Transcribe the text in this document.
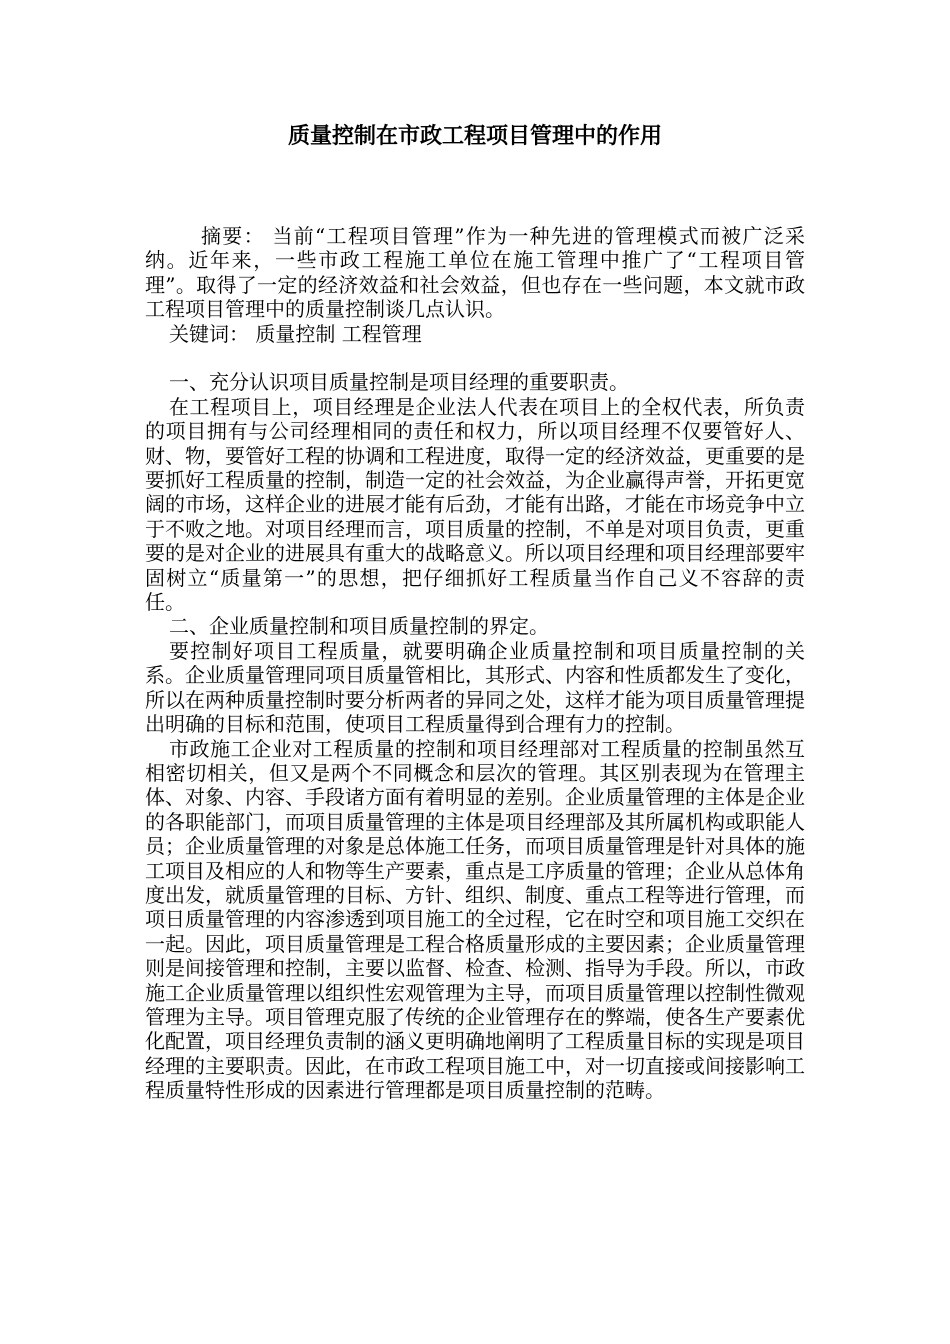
质量控制在市政工程项目管理中的作用

摘要： 当前“工程项目管理”作为一种先进的管理模式而被广泛采纳。近年来，一些市政工程施工单位在施工管理中推广了“工程项目管理”。取得了一定的经济效益和社会效益，但也存在一些问题，本文就市政工程项目管理中的质量控制谈几点认识。

关键词： 质量控制 工程管理

一、充分认识项目质量控制是项目经理的重要职责。

在工程项目上，项目经理是企业法人代表在项目上的全权代表，所负责的项目拥有与公司经理相同的责任和权力，所以项目经理不仅要管好人、财、物，要管好工程的协调和工程进度，取得一定的经济效益，更重要的是要抓好工程质量的控制，制造一定的社会效益，为企业赢得声誉，开拓更宽阔的市场，这样企业的进展才能有后劲，才能有出路，才能在市场竞争中立于不败之地。对项目经理而言，项目质量的控制，不单是对项目负责，更重要的是对企业的进展具有重大的战略意义。所以项目经理和项目经理部要牢固树立“质量第一”的思想，把仔细抓好工程质量当作自己义不容辞的责任。

二、企业质量控制和项目质量控制的界定。

要控制好项目工程质量，就要明确企业质量控制和项目质量控制的关系。企业质量管理同项目质量管相比，其形式、内容和性质都发生了变化，所以在两种质量控制时要分析两者的异同之处，这样才能为项目质量管理提出明确的目标和范围，使项目工程质量得到合理有力的控制。

市政施工企业对工程质量的控制和项目经理部对工程质量的控制虽然互相密切相关，但又是两个不同概念和层次的管理。其区别表现为在管理主体、对象、内容、手段诸方面有着明显的差别。企业质量管理的主体是企业的各职能部门，而项目质量管理的主体是项目经理部及其所属机构或职能人员；企业质量管理的对象是总体施工任务，而项目质量管理是针对具体的施工项目及相应的人和物等生产要素，重点是工序质量的管理；企业从总体角度出发，就质量管理的目标、方针、组织、制度、重点工程等进行管理，而项日质量管理的内容渗透到项目施工的全过程，它在时空和项目施工交织在一起。因此，项目质量管理是工程合格质量形成的主要因素；企业质量管理则是间接管理和控制，主要以监督、检查、检测、指导为手段。所以，市政施工企业质量管理以组织性宏观管理为主导，而项目质量管理以控制性微观管理为主导。项目管理克服了传统的企业管理存在的弊端，使各生产要素优化配置，项目经理负责制的涵义更明确地阐明了工程质量目标的实现是项目经理的主要职责。因此，在市政工程项目施工中，对一切直接或间接影响工程质量特性形成的因素进行管理都是项目质量控制的范畴。
